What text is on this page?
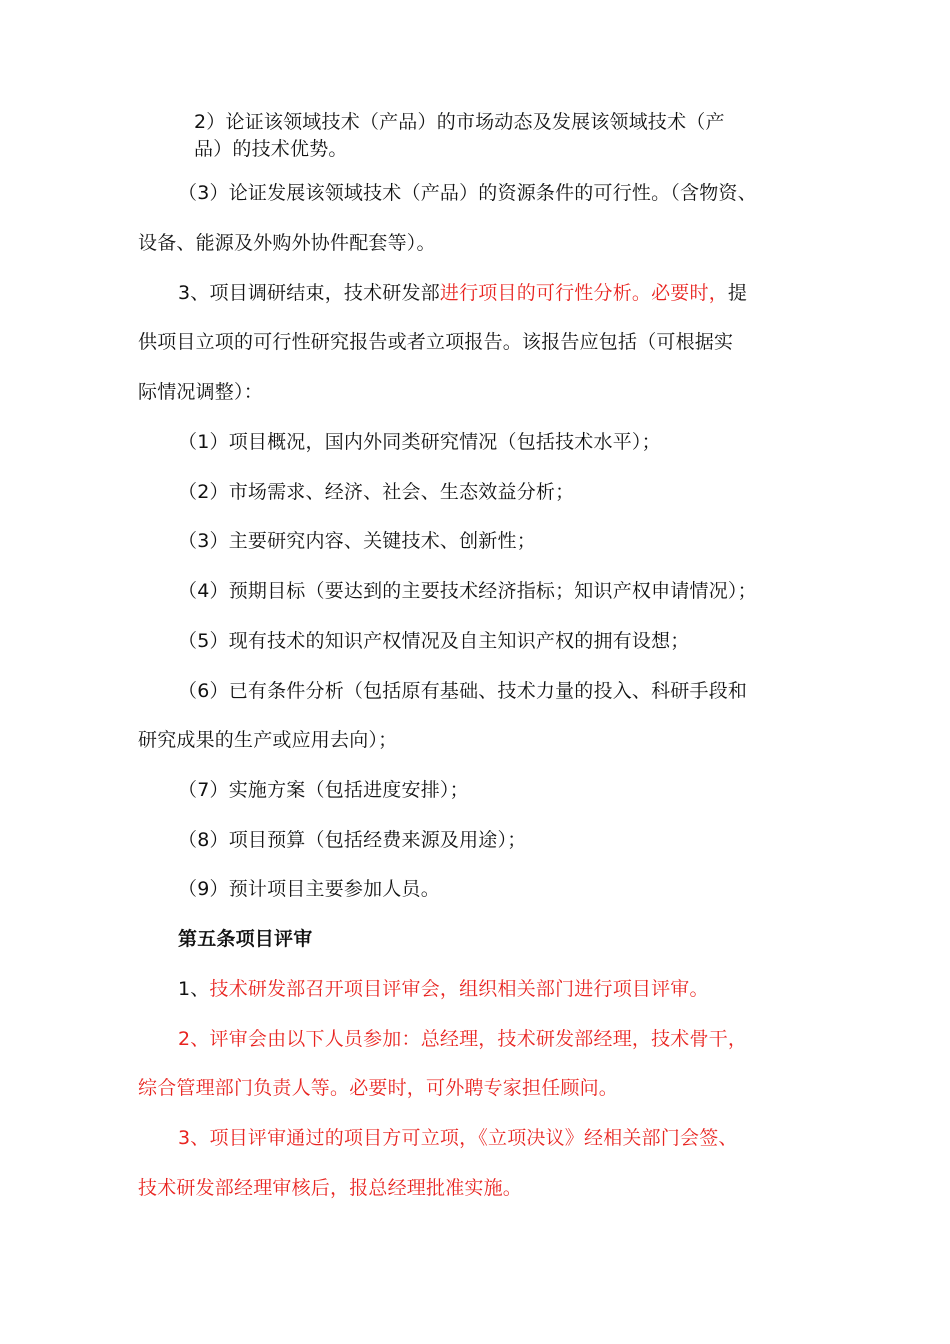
2）论证该领域技术（产品）的市场动态及发展该领域技术（产
品）的技术优势。
（3）论证发展该领域技术（产品）的资源条件的可行性。（含物资、
设备、能源及外购外协件配套等）。
3、项目调研结束，技术研发部进行项目的可行性分析。必要时，提
供项目立项的可行性研究报告或者立项报告。该报告应包括（可根据实
际情况调整）：
（1）项目概况，国内外同类研究情况（包括技术水平）；
（2）市场需求、经济、社会、生态效益分析；
（3）主要研究内容、关键技术、创新性；
（4）预期目标（要达到的主要技术经济指标；知识产权申请情况）；
（5）现有技术的知识产权情况及自主知识产权的拥有设想；
（6）已有条件分析（包括原有基础、技术力量的投入、科研手段和
研究成果的生产或应用去向）；
（7）实施方案（包括进度安排）；
（8）项目预算（包括经费来源及用途）；
（9）预计项目主要参加人员。
第五条项目评审
1、技术研发部召开项目评审会，组织相关部门进行项目评审。
2、评审会由以下人员参加：总经理，技术研发部经理，技术骨干，
综合管理部门负责人等。必要时，可外聘专家担任顾问。
3、项目评审通过的项目方可立项，《立项决议》经相关部门会签、
技术研发部经理审核后，报总经理批准实施。
